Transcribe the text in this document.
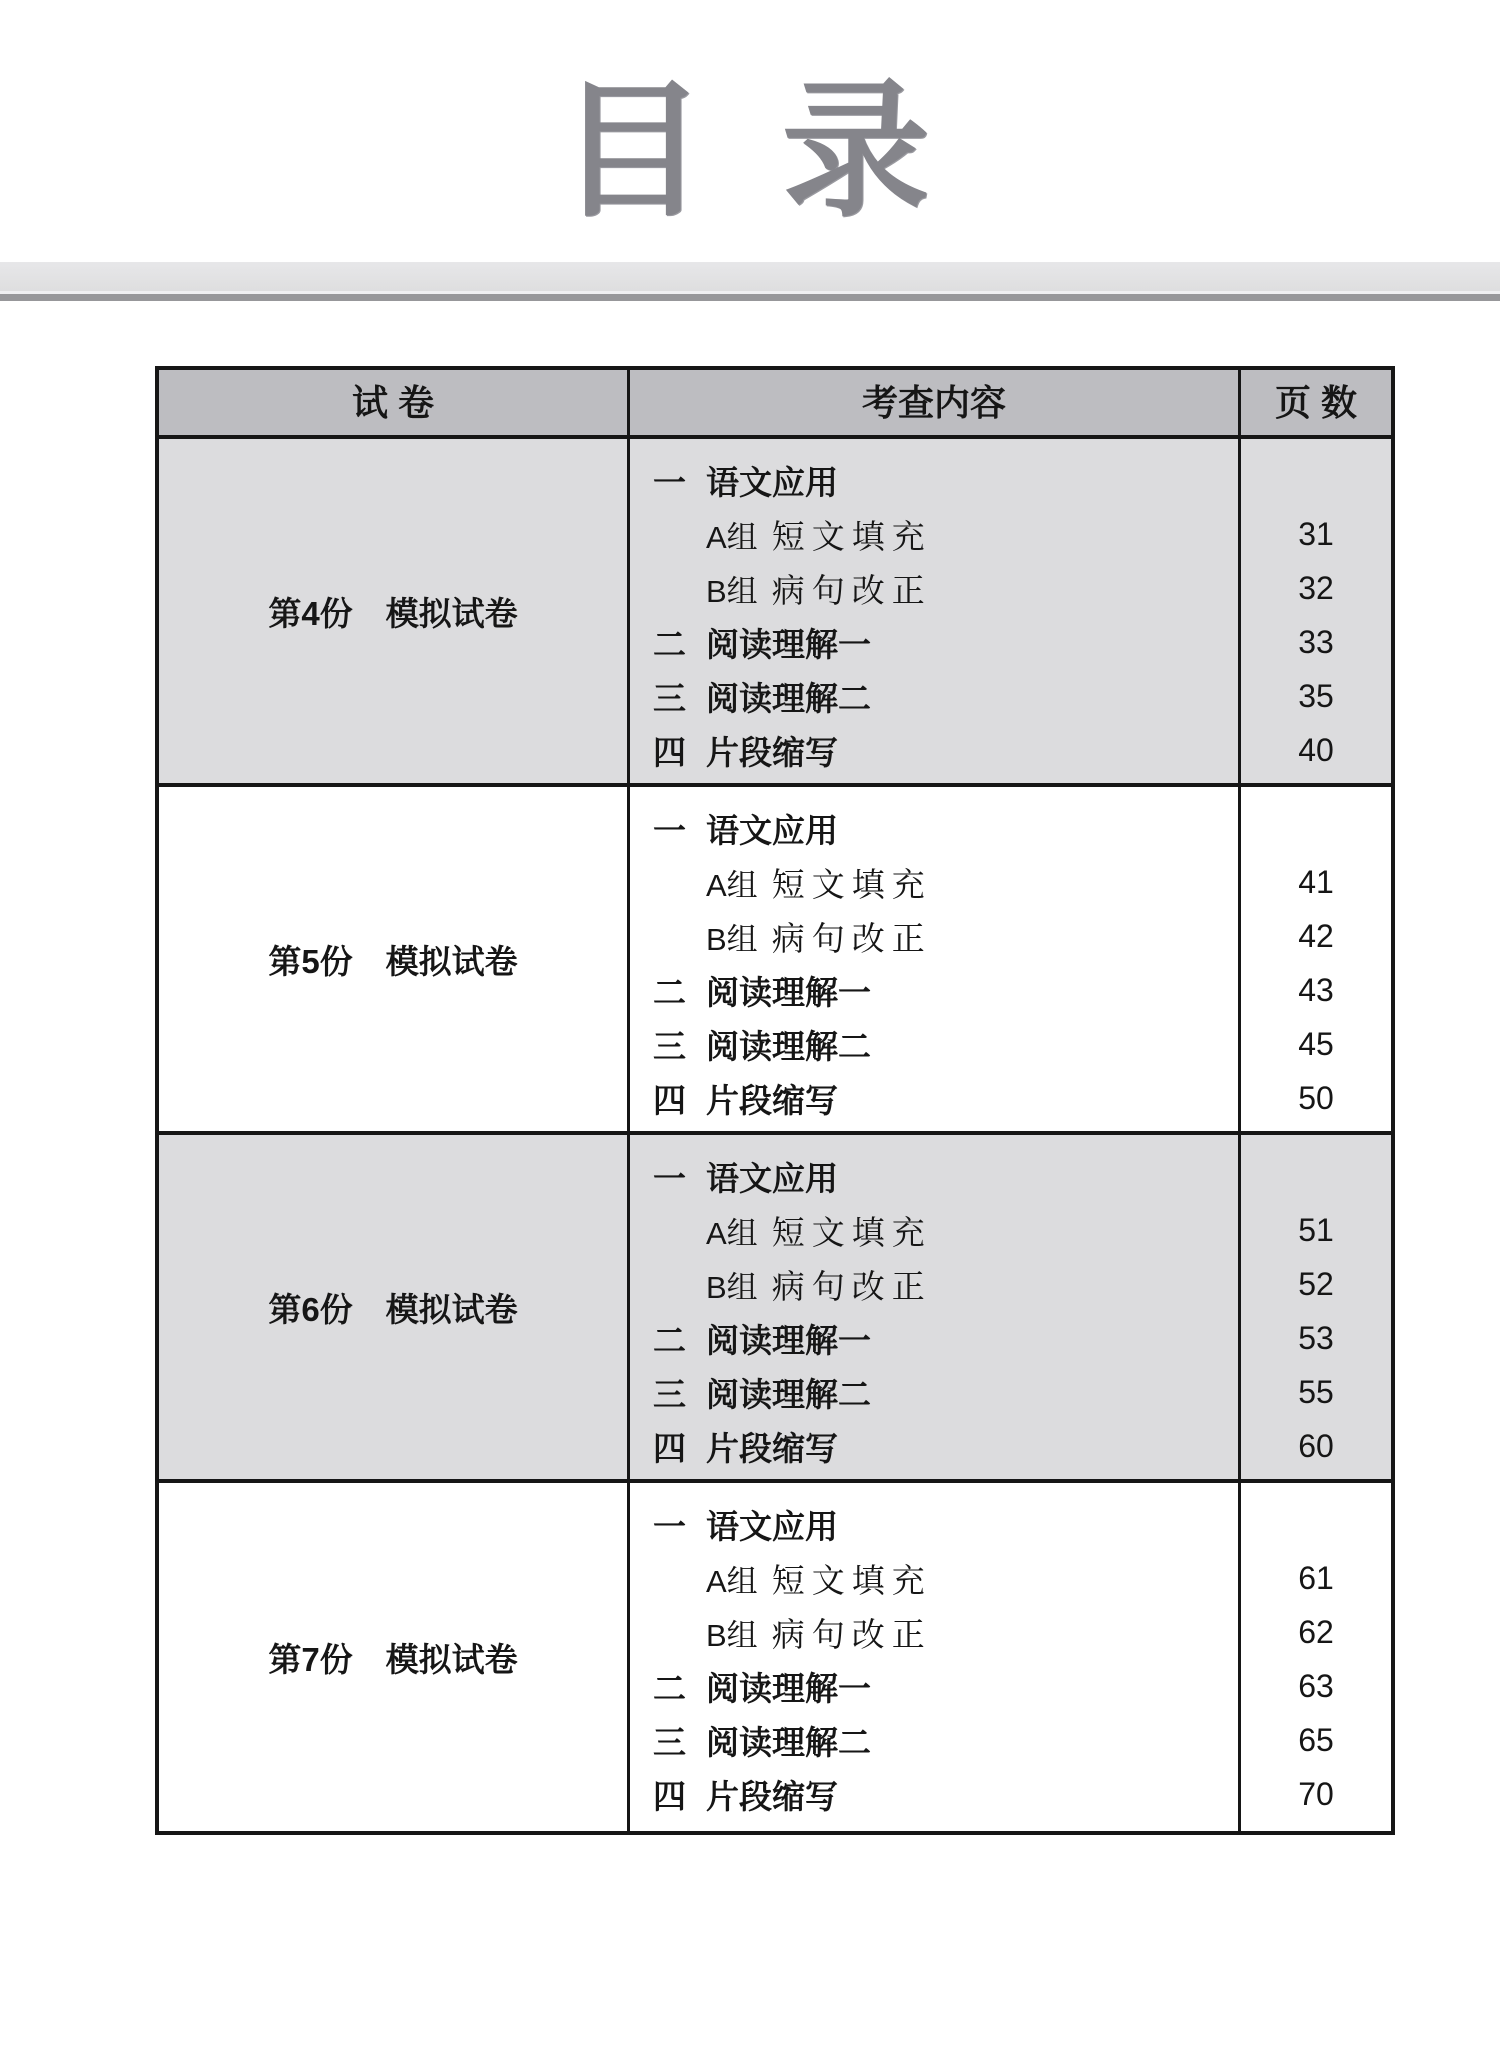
目 录
试 卷	考查内容	页 数
第4份　模拟试卷
一 语文应用
A组 短文填充
B组 病句改正
二 阅读理解一
三 阅读理解二
四 片段缩写
31
32
33
35
40
第5份　模拟试卷
一 语文应用
A组 短文填充
B组 病句改正
二 阅读理解一
三 阅读理解二
四 片段缩写
41
42
43
45
50
第6份　模拟试卷
一 语文应用
A组 短文填充
B组 病句改正
二 阅读理解一
三 阅读理解二
四 片段缩写
51
52
53
55
60
第7份　模拟试卷
一 语文应用
A组 短文填充
B组 病句改正
二 阅读理解一
三 阅读理解二
四 片段缩写
61
62
63
65
70
